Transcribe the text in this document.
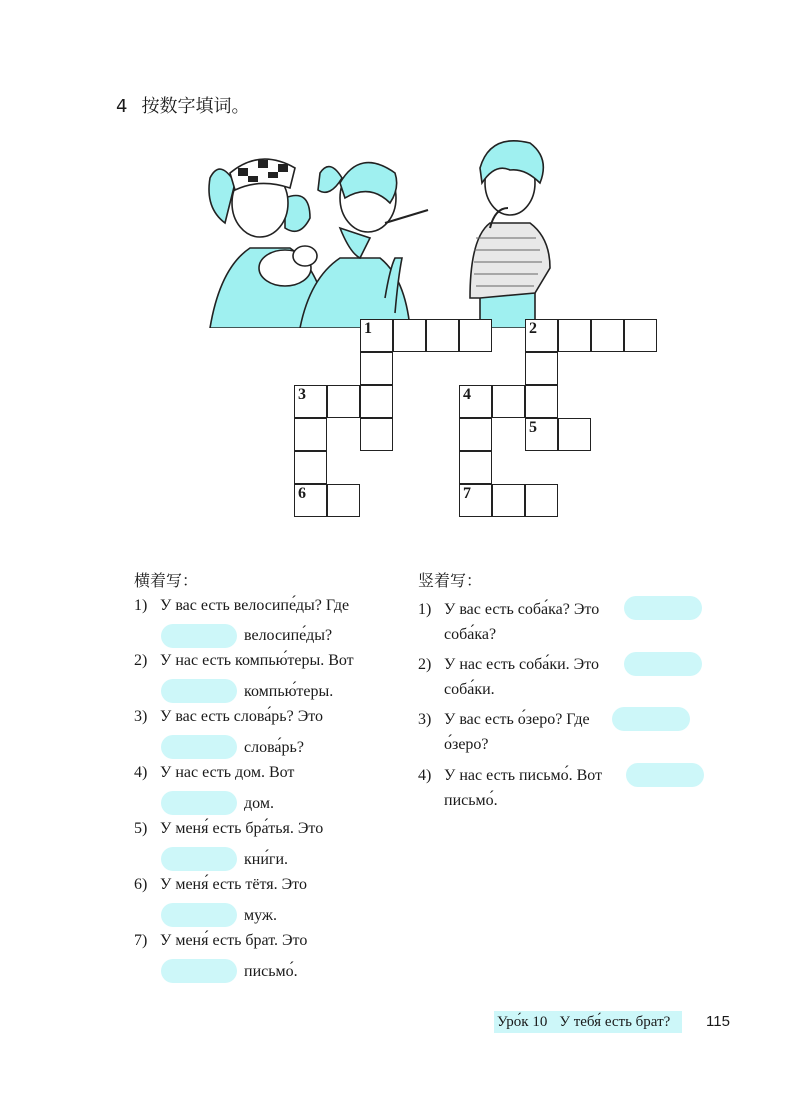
4 按数字填词。
1	2
3	4
5
6	7
横着写：
1) У вас есть велосипе́ды? Где
велосипе́ды?
2) У нас есть компью́теры. Вот
компью́теры.
3) У вас есть слова́рь? Это
слова́рь?
4) У нас есть дом. Вот
дом.
5) У меня́ есть бра́тья. Это
кни́ги.
6) У меня́ есть тётя. Это
муж.
7) У меня́ есть брат. Это
письмо́.
竖着写：
1) У вас есть соба́ка? Это
соба́ка?
2) У нас есть соба́ки. Это
соба́ки.
3) У вас есть о́зеро? Где
о́зеро?
4) У нас есть письмо́. Вот
письмо́.
Уро́к 10 У тебя́ есть брат?	115
